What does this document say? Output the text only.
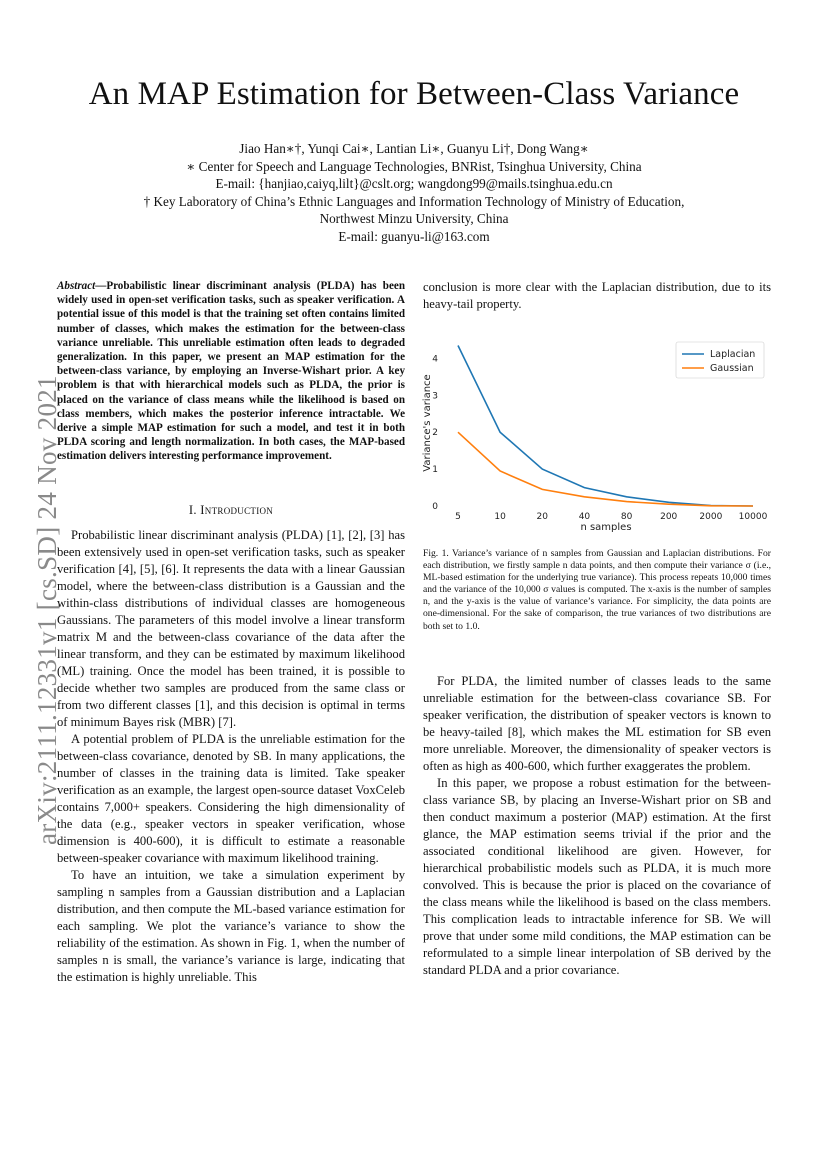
An MAP Estimation for Between-Class Variance
Jiao Han∗†, Yunqi Cai∗, Lantian Li∗, Guanyu Li†, Dong Wang∗
∗ Center for Speech and Language Technologies, BNRist, Tsinghua University, China
E-mail: {hanjiao,caiyq,lilt}@cslt.org; wangdong99@mails.tsinghua.edu.cn
† Key Laboratory of China’s Ethnic Languages and Information Technology of Ministry of Education,
Northwest Minzu University, China
E-mail: guanyu-li@163.com
arXiv:2111.12331v1 [cs.SD] 24 Nov 2021
Abstract—Probabilistic linear discriminant analysis (PLDA) has been widely used in open-set verification tasks, such as speaker verification. A potential issue of this model is that the training set often contains limited number of classes, which makes the estimation for the between-class variance unreliable. This unreliable estimation often leads to degraded generalization. In this paper, we present an MAP estimation for the between-class variance, by employing an Inverse-Wishart prior. A key problem is that with hierarchical models such as PLDA, the prior is placed on the variance of class means while the likelihood is based on class members, which makes the posterior inference intractable. We derive a simple MAP estimation for such a model, and test it in both PLDA scoring and length normalization. In both cases, the MAP-based estimation delivers interesting performance improvement.
I. Introduction

Probabilistic linear discriminant analysis (PLDA) [1], [2], [3] has been extensively used in open-set verification tasks, such as speaker verification [4], [5], [6]. It represents the data with a linear Gaussian model, where the between-class distribution is a Gaussian and the within-class distributions of individual classes are homogeneous Gaussians. The parameters of this model involve a linear transform matrix M and the between-class covariance of the data after the linear transform, and they can be estimated by maximum likelihood (ML) training. Once the model has been trained, it is possible to decide whether two samples are produced from the same class or from two different classes [1], and this decision is optimal in terms of minimum Bayes risk (MBR) [7].

A potential problem of PLDA is the unreliable estimation for the between-class covariance, denoted by SB. In many applications, the number of classes in the training data is limited. Take speaker verification as an example, the largest open-source dataset VoxCeleb contains 7,000+ speakers. Considering the high dimensionality of the data (e.g., speaker vectors in speaker verification, whose dimension is 400-600), it is difficult to estimate a reasonable between-speaker covariance with maximum likelihood training.

To have an intuition, we take a simulation experiment by sampling n samples from a Gaussian distribution and a Laplacian distribution, and then compute the ML-based variance estimation for each sampling. We plot the variance’s variance to show the reliability of the estimation. As shown in Fig. 1, when the number of samples n is small, the variance’s variance is large, indicating that the estimation is highly unreliable. This

conclusion is more clear with the Laplacian distribution, due to its heavy-tail property.

0
1
2
3
4
5	10	20	40	80	200 2000 10000
n samples
Variance's variance
Laplacian
Gaussian
Fig. 1. Variance’s variance of n samples from Gaussian and Laplacian distributions. For each distribution, we firstly sample n data points, and then compute their variance σ (i.e., ML-based estimation for the underlying true variance). This process repeats 10,000 times and the variance of the 10,000 σ values is computed. The x-axis is the number of samples n, and the y-axis is the value of variance’s variance. For simplicity, the data points are one-dimensional. For the sake of comparison, the true variances of two distributions are both set to 1.0.

For PLDA, the limited number of classes leads to the same unreliable estimation for the between-class covariance SB. For speaker verification, the distribution of speaker vectors is known to be heavy-tailed [8], which makes the ML estimation for SB even more unreliable. Moreover, the dimensionality of speaker vectors is often as high as 400-600, which further exaggerates the problem.

In this paper, we propose a robust estimation for the between-class variance SB, by placing an Inverse-Wishart prior on SB and then conduct maximum a posterior (MAP) estimation. At the first glance, the MAP estimation seems trivial if the prior and the associated conditional likelihood are given. However, for hierarchical probabilistic models such as PLDA, it is much more convolved. This is because the prior is placed on the covariance of the class means while the likelihood is based on the class members. This complication leads to intractable inference for SB. We will prove that under some mild conditions, the MAP estimation can be reformulated to a simple linear interpolation of SB derived by the standard PLDA and a prior covariance.
